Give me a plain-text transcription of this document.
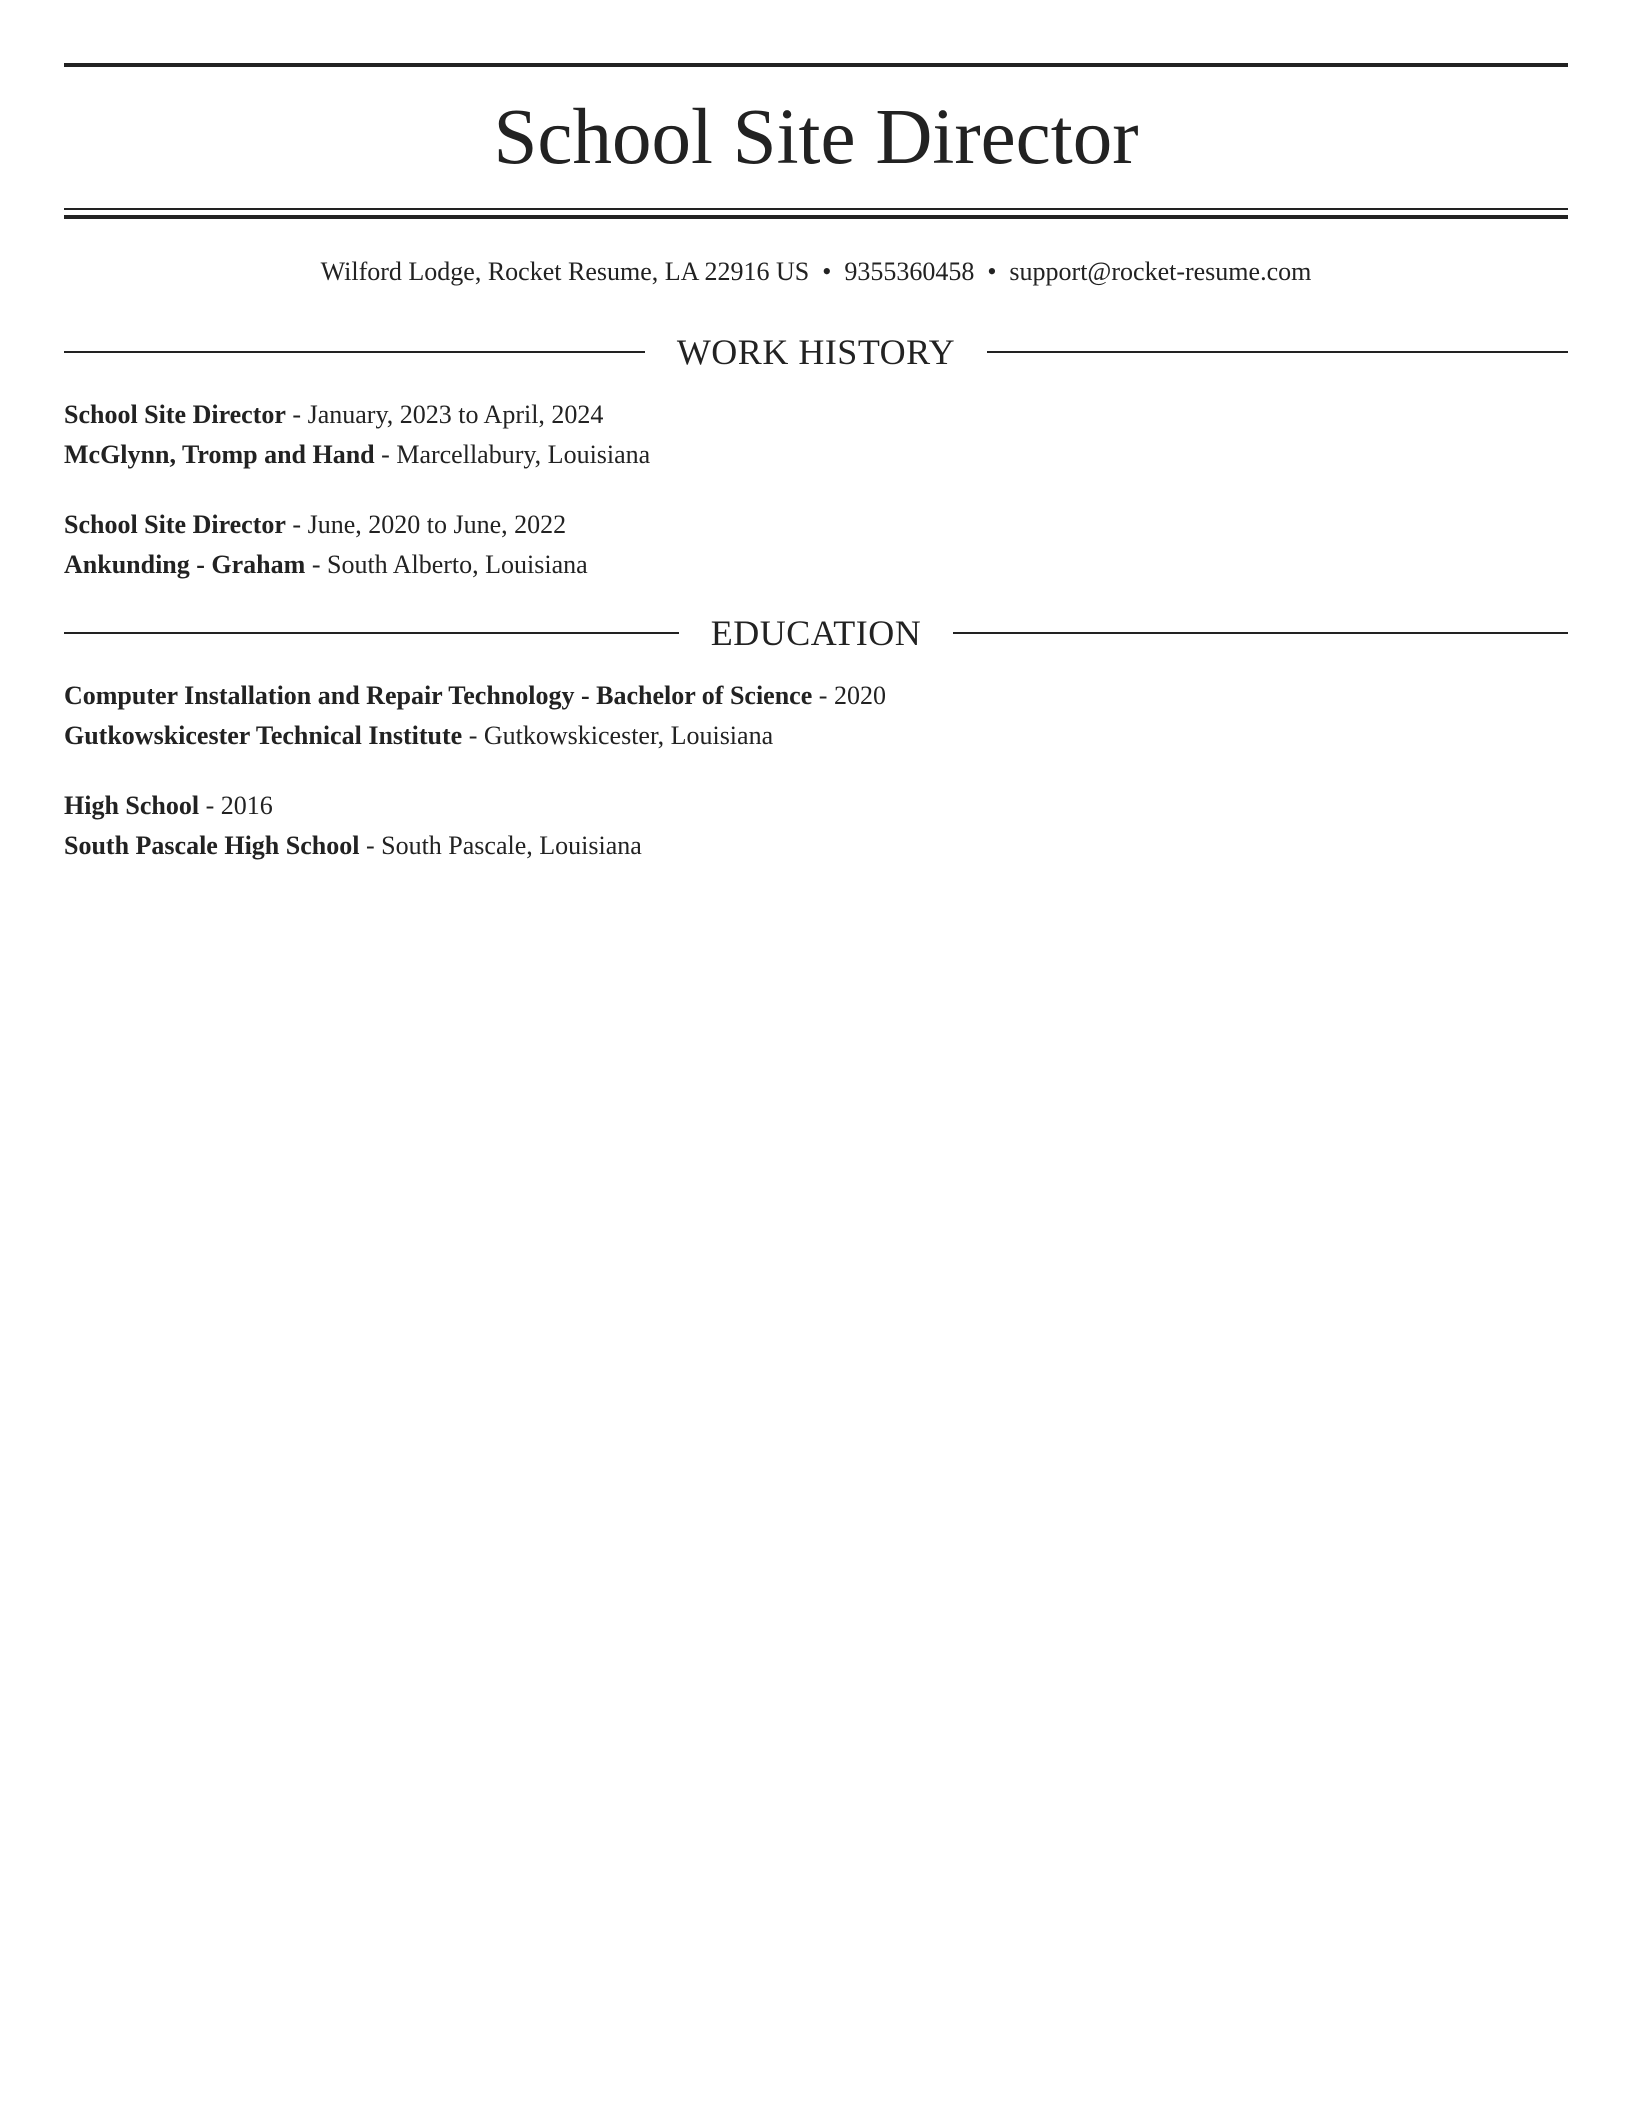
School Site Director
Wilford Lodge, Rocket Resume, LA 22916 US • 9355360458 • support@rocket-resume.com
WORK HISTORY
School Site Director - January, 2023 to April, 2024
McGlynn, Tromp and Hand - Marcellabury, Louisiana
School Site Director - June, 2020 to June, 2022
Ankunding - Graham - South Alberto, Louisiana
EDUCATION
Computer Installation and Repair Technology - Bachelor of Science - 2020
Gutkowskicester Technical Institute - Gutkowskicester, Louisiana
High School - 2016
South Pascale High School - South Pascale, Louisiana
